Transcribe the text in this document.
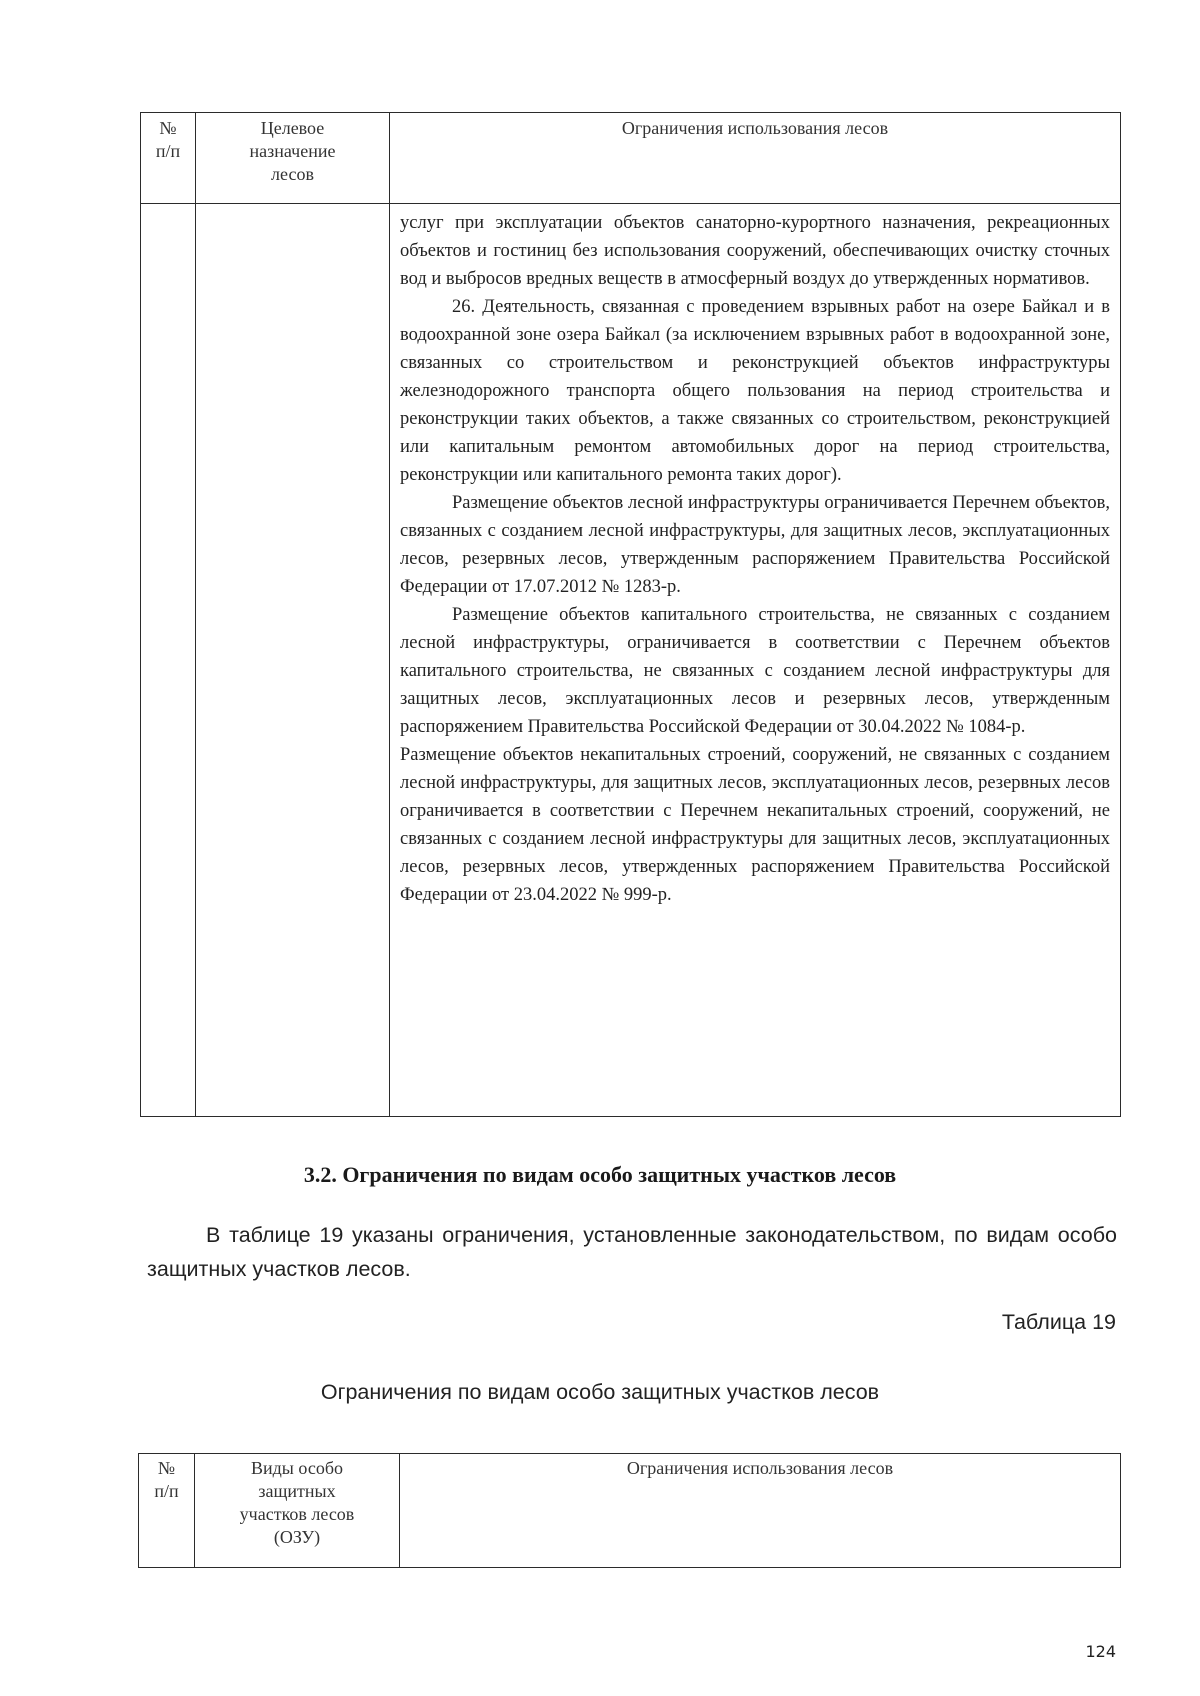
№
п/п	Целевое
назначение
лесов	Ограничения использования лесов

		услуг при эксплуатации объектов санаторно-курортного назначения, рекреационных объектов и гостиниц без использования сооружений, обеспечивающих очистку сточных вод и выбросов вредных веществ в атмосферный воздух до утвержденных нормативов.

26. Деятельность, связанная с проведением взрывных работ на озере Байкал и в водоохранной зоне озера Байкал (за исключением взрывных работ в водоохранной зоне, связанных со строительством и реконструкцией объектов инфраструктуры железнодорожного транспорта общего пользования на период строительства и реконструкции таких объектов, а также связанных со строительством, реконструкцией или капитальным ремонтом автомобильных дорог на период строительства, реконструкции или капитального ремонта таких дорог).

Размещение объектов лесной инфраструктуры ограничивается Перечнем объектов, связанных с созданием лесной инфраструктуры, для защитных лесов, эксплуатационных лесов, резервных лесов, утвержденным распоряжением Правительства Российской Федерации от 17.07.2012 № 1283-р.

Размещение объектов капитального строительства, не связанных с созданием лесной инфраструктуры, ограничивается в соответствии с Перечнем объектов капитального строительства, не связанных с созданием лесной инфраструктуры для защитных лесов, эксплуатационных лесов и резервных лесов, утвержденным распоряжением Правительства Российской Федерации от 30.04.2022 № 1084-р.

Размещение объектов некапитальных строений, сооружений, не связанных с созданием лесной инфраструктуры, для защитных лесов, эксплуатационных лесов, резервных лесов ограничивается в соответствии с Перечнем некапитальных строений, сооружений, не связанных с созданием лесной инфраструктуры для защитных лесов, эксплуатационных лесов, резервных лесов, утвержденных распоряжением Правительства Российской Федерации от 23.04.2022 № 999-р.

3.2. Ограничения по видам особо защитных участков лесов

В таблице 19 указаны ограничения, установленные законодательством, по видам особо защитных участков лесов.

Таблица 19
Ограничения по видам особо защитных участков лесов
№
п/п	Виды особо
защитных
участков лесов
(ОЗУ)	Ограничения использования лесов
124
